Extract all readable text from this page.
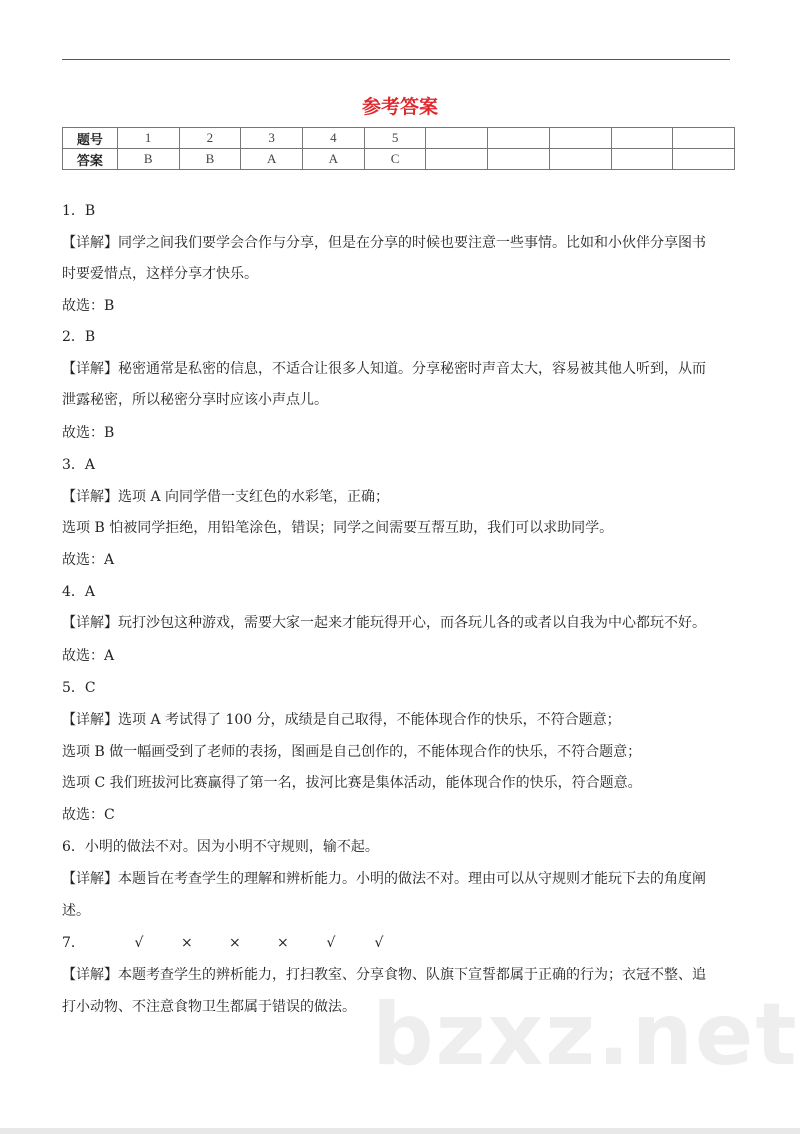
参考答案
题号	1	2	3	4	5					
答案	B	B	A	A	C					
1．B
【详解】同学之间我们要学会合作与分享，但是在分享的时候也要注意一些事情。比如和小伙伴分享图书
时要爱惜点，这样分享才快乐。
故选：B
2．B
【详解】秘密通常是私密的信息，不适合让很多人知道。分享秘密时声音太大，容易被其他人听到，从而
泄露秘密，所以秘密分享时应该小声点儿。
故选：B
3．A
【详解】选项 A 向同学借一支红色的水彩笔，正确；
选项 B 怕被同学拒绝，用铅笔涂色，错误；同学之间需要互帮互助，我们可以求助同学。
故选：A
4．A
【详解】玩打沙包这种游戏，需要大家一起来才能玩得开心，而各玩儿各的或者以自我为中心都玩不好。
故选：A
5．C
【详解】选项 A 考试得了 100 分，成绩是自己取得，不能体现合作的快乐，不符合题意；
选项 B 做一幅画受到了老师的表扬，图画是自己创作的，不能体现合作的快乐，不符合题意；
选项 C 我们班拔河比赛赢得了第一名，拔河比赛是集体活动，能体现合作的快乐，符合题意。
故选：C
6．小明的做法不对。因为小明不守规则，输不起。
【详解】本题旨在考查学生的理解和辨析能力。小明的做法不对。理由可以从守规则才能玩下去的角度阐
述。
7．	√	×	×	×	√	√
【详解】本题考查学生的辨析能力，打扫教室、分享食物、队旗下宣誓都属于正确的行为；衣冠不整、追
打小动物、不注意食物卫生都属于错误的做法。 bzxz.net
